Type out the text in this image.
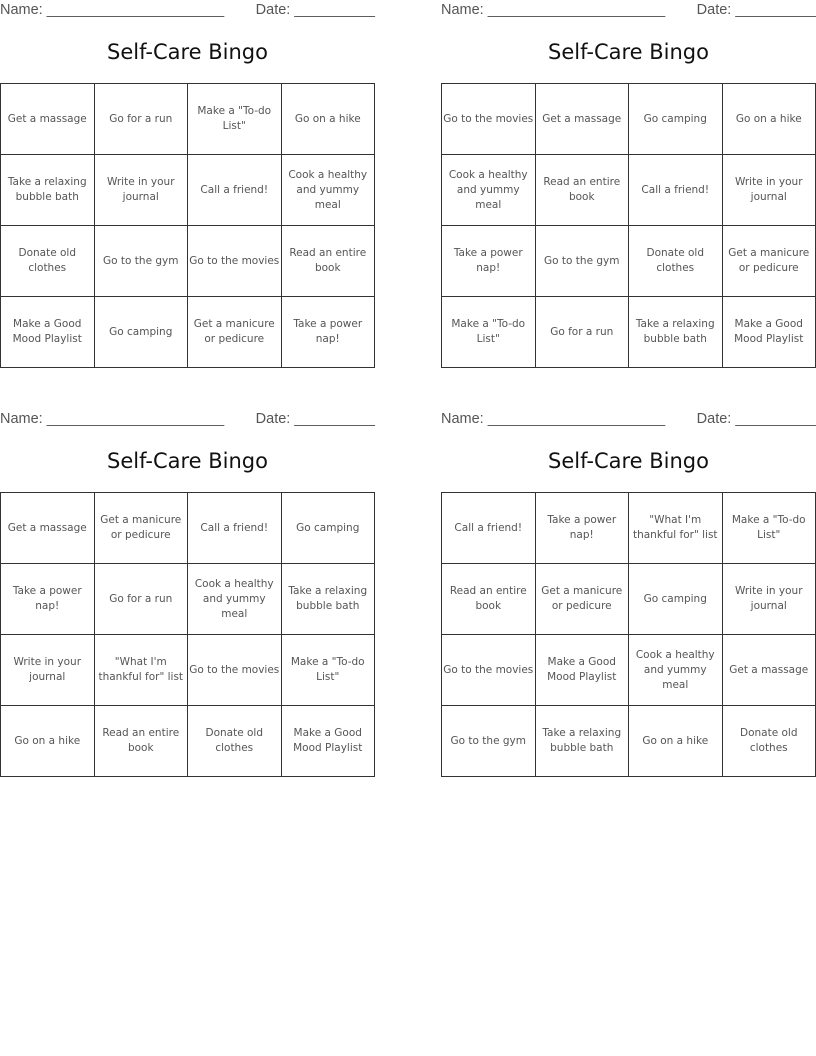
Name: ______________________ Date: __________
Self-Care Bingo
Get a massage	Go for a run	Make a "To-do List"	Go on a hike
Take a relaxing bubble bath	Write in your journal	Call a friend!	Cook a healthy and yummy meal
Donate old clothes	Go to the gym	Go to the movies	Read an entire book
Make a Good Mood Playlist	Go camping	Get a manicure or pedicure	Take a power nap!
Name: ______________________ Date: __________
Self-Care Bingo
Go to the movies	Get a massage	Go camping	Go on a hike
Cook a healthy and yummy meal	Read an entire book	Call a friend!	Write in your journal
Take a power nap!	Go to the gym	Donate old clothes	Get a manicure or pedicure
Make a "To-do List"	Go for a run	Take a relaxing bubble bath	Make a Good Mood Playlist
Name: ______________________ Date: __________
Self-Care Bingo
Get a massage	Get a manicure or pedicure	Call a friend!	Go camping
Take a power nap!	Go for a run	Cook a healthy and yummy meal	Take a relaxing bubble bath
Write in your journal	"What I'm thankful for" list	Go to the movies	Make a "To-do List"
Go on a hike	Read an entire book	Donate old clothes	Make a Good Mood Playlist
Name: ______________________ Date: __________
Self-Care Bingo
Call a friend!	Take a power nap!	"What I'm thankful for" list	Make a "To-do List"
Read an entire book	Get a manicure or pedicure	Go camping	Write in your journal
Go to the movies	Make a Good Mood Playlist	Cook a healthy and yummy meal	Get a massage
Go to the gym	Take a relaxing bubble bath	Go on a hike	Donate old clothes
